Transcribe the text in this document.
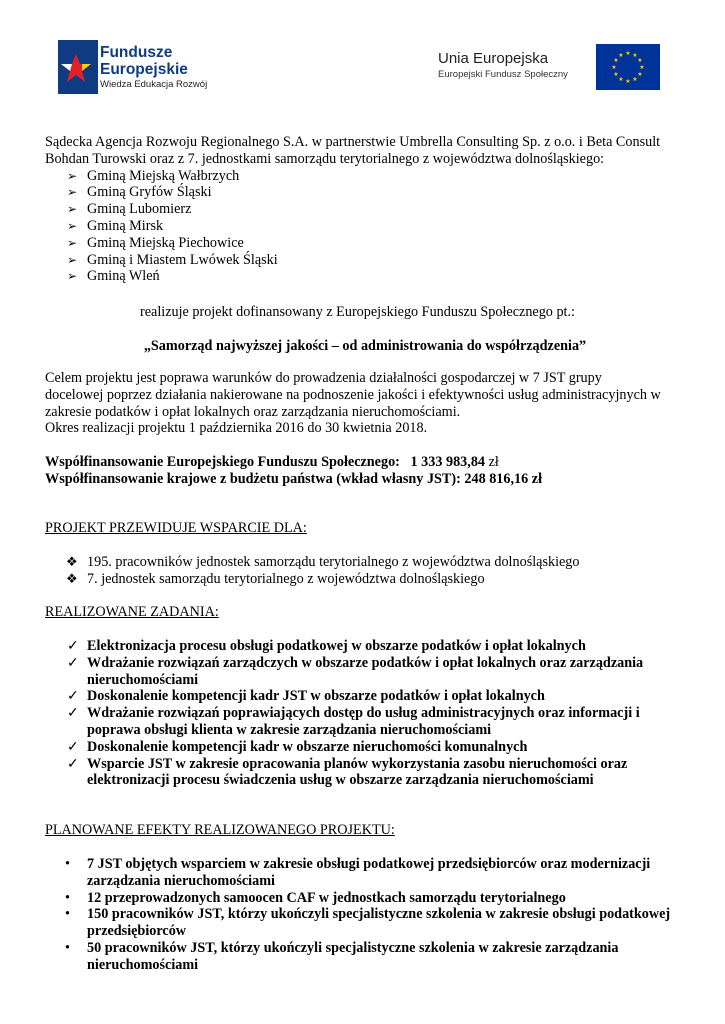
Fundusze
Europejskie
Wiedza Edukacja Rozwój
Unia Europejska
Europejski Fundusz Społeczny
★ ★
★
★
★
★
★
★
★
★
★
★
Sądecka Agencja Rozwoju Regionalnego S.A. w partnerstwie Umbrella Consulting Sp. z o.o. i Beta Consult
Bohdan Turowski oraz z 7. jednostkami samorządu terytorialnego z województwa dolnośląskiego:
➢ Gminą Miejską Wałbrzych
➢ Gminą Gryfów Śląski
➢ Gminą Lubomierz
➢ Gminą Mirsk
➢ Gminą Miejską Piechowice
➢ Gminą i Miastem Lwówek Śląski
➢ Gminą Wleń
realizuje projekt dofinansowany z Europejskiego Funduszu Społecznego pt.:
„Samorząd najwyższej jakości – od administrowania do współrządzenia”
Celem projektu jest poprawa warunków do prowadzenia działalności gospodarczej w 7 JST grupy
docelowej poprzez działania nakierowane na podnoszenie jakości i efektywności usług administracyjnych w
zakresie podatków i opłat lokalnych oraz zarządzania nieruchomościami.
Okres realizacji projektu 1 października 2016 do 30 kwietnia 2018.
Współfinansowanie Europejskiego Funduszu Społecznego:   1 333 983,84 zł
Współfinansowanie krajowe z budżetu państwa (wkład własny JST): 248 816,16 zł
PROJEKT PRZEWIDUJE WSPARCIE DLA:
❖ 195. pracowników jednostek samorządu terytorialnego z województwa dolnośląskiego
❖ 7. jednostek samorządu terytorialnego z województwa dolnośląskiego
REALIZOWANE ZADANIA:
✓ Elektronizacja procesu obsługi podatkowej w obszarze podatków i opłat lokalnych
✓ Wdrażanie rozwiązań zarządczych w obszarze podatków i opłat lokalnych oraz zarządzania nieruchomościami
✓ Doskonalenie kompetencji kadr JST w obszarze podatków i opłat lokalnych
✓ Wdrażanie rozwiązań poprawiających dostęp do usług administracyjnych oraz informacji i poprawa obsługi klienta w zakresie zarządzania nieruchomościami
✓ Doskonalenie kompetencji kadr w obszarze nieruchomości komunalnych
✓ Wsparcie JST w zakresie opracowania planów wykorzystania zasobu nieruchomości oraz elektronizacji procesu świadczenia usług w obszarze zarządzania nieruchomościami
PLANOWANE EFEKTY REALIZOWANEGO PROJEKTU:
• 7 JST objętych wsparciem w zakresie obsługi podatkowej przedsiębiorców oraz modernizacji zarządzania nieruchomościami
• 12 przeprowadzonych samoocen CAF w jednostkach samorządu terytorialnego
• 150 pracowników JST, którzy ukończyli specjalistyczne szkolenia w zakresie obsługi podatkowej przedsiębiorców
• 50 pracowników JST, którzy ukończyli specjalistyczne szkolenia w zakresie zarządzania nieruchomościami
